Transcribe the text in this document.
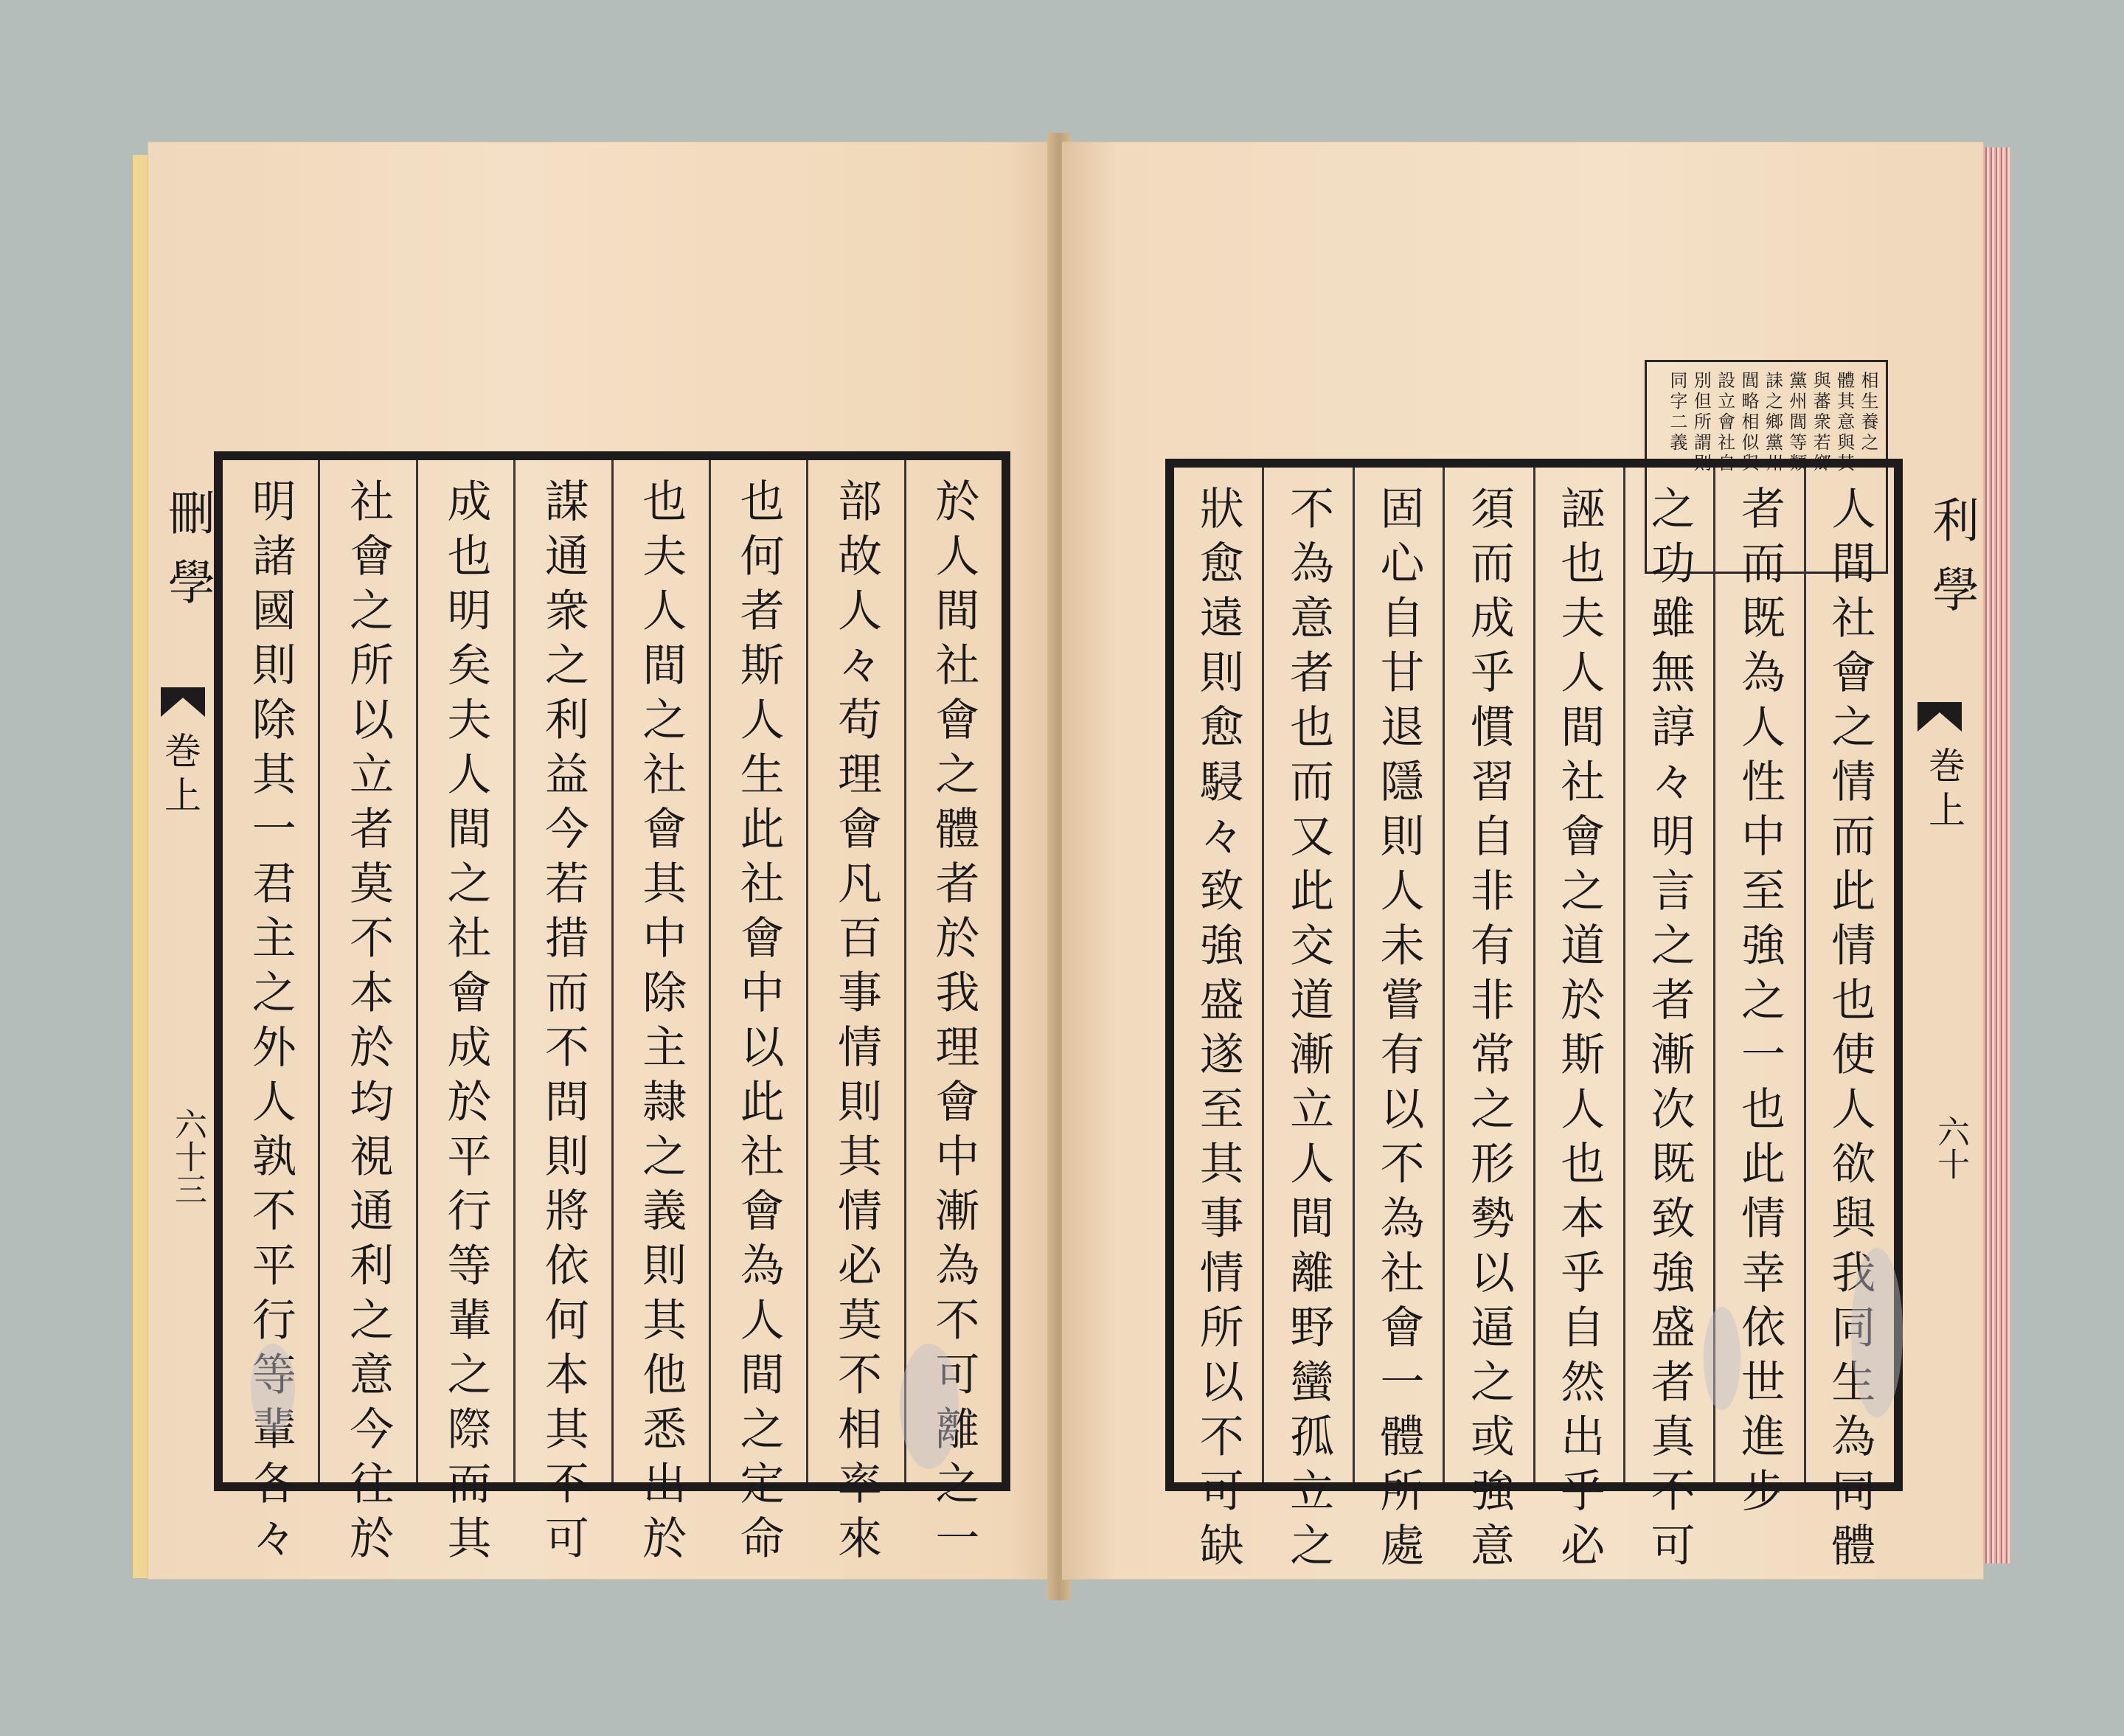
刪學
巻上
六十三	於人間社會之體者於我理會中漸為不可離之一
部故人々苟理會凡百事情則其情必莫不相率來
也何者斯人生此社會中以此社會為人間之定命
也夫人間之社會其中除主隷之義則其他悉出於
謀通衆之利益今若措而不問則將依何本其不可
成也明矣夫人間之社會成於平行等輩之際而其
社會之所以立者莫不本於均視通利之意今往於
明諸國則除其一君主之外人孰不平行等輩各々
相生養之一
體其意與其
與蕃衆若鄉
黨州閭等類
誄之鄉黨州
閭略相似與
設立會社自
別但所謂則
同字二義
人間社會之情而此情也使人欲與我同生為同體
者而既為人性中至強之一也此情幸依世進步
之功雖無諄々明言之者漸次既致強盛者真不可
誣也夫人間社會之道於斯人也本乎自然出乎必
須而成乎慣習自非有非常之形勢以逼之或強意
固心自甘退隱則人未嘗有以不為社會一體所處
不為意者也而又此交道漸立人間離野蠻孤立之
狀愈遠則愈駸々致強盛遂至其事情所以不可缺	利學
巻上
六十
